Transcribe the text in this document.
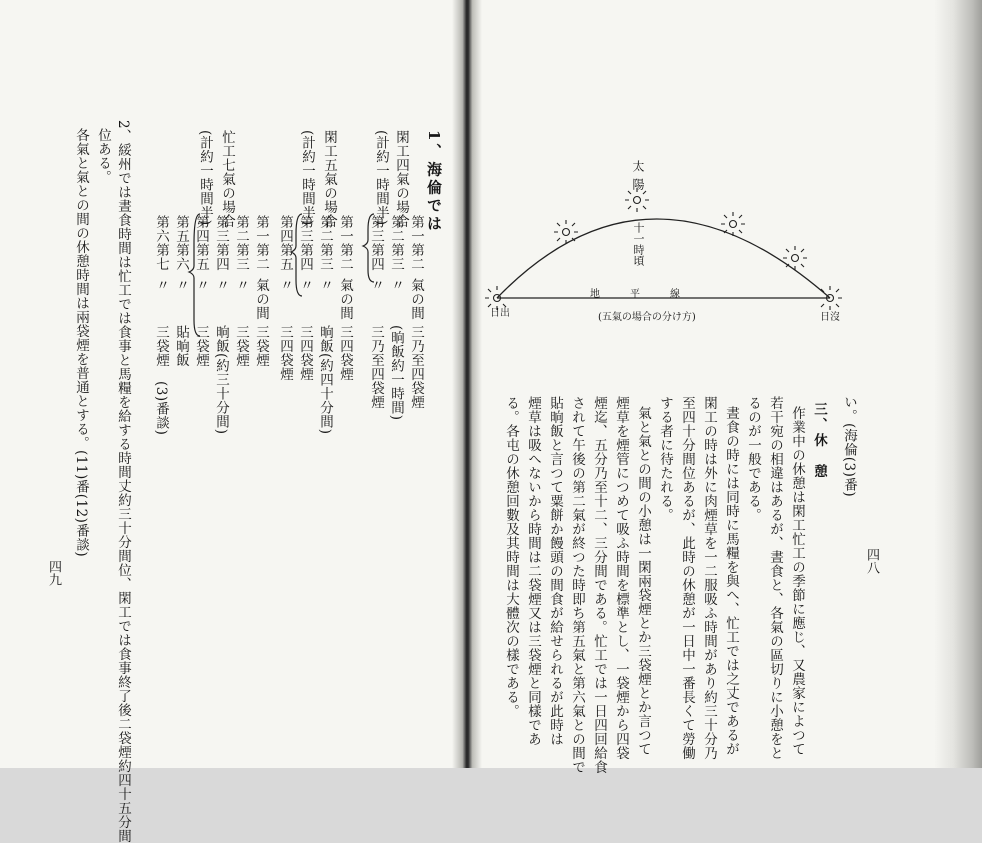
1、海倫では
閑工四氣の場合
(計約一時間半)
第一第二
第二第三
第三第四
氣の間
〃
〃
三乃至四袋煙
(晌飯約一時間)
三乃至四袋煙
閑工五氣の場合
(計約一時間半)
第一第二
第二第三
第三第四
第四第五
氣の間
〃
〃
〃
三四袋煙
晌飯(約四十分間)
三四袋煙
三四袋煙
忙工七氣の場合
(計約一時間半)
第一第二
第二第三
第三第四
第四第五
第五第六
第六第七
氣の間
〃
〃
〃
〃
〃
三袋煙
三袋煙
晌飯(約三十分間)
三袋煙
貼晌飯
三袋煙　(3)番談)
2、綏州では晝食時間は忙工では食事と馬糧を給する時間丈約三十分間位、閑工では食事終了後二袋煙約四十五分間
位ある。
各氣と氣との間の休憩時間は兩袋煙を普通とする。(11)番(12)番談)
四九
太陽
十一時頃
地平線
日出	日沒
(五氣の場合の分け方)
い。(海倫(3)番)
三、休　憩
作業中の休憩は閑工忙工の季節に應じ、又農家によつて
若干宛の相違はあるが、晝食と、各氣の區切りに小憩をと
るのが一般である。
晝食の時には同時に馬糧を與へ、忙工では之丈であるが
閑工の時は外に肉煙草を一二服吸ふ時間があり約三十分乃
至四十分間位あるが、此時の休憩が一日中一番長くて勞働
する者に待たれる。
氣と氣との間の小憩は一閑兩袋煙とか三袋煙とか言つて
煙草を煙管につめて吸ふ時間を標準とし、一袋煙から四袋
煙迄、五分乃至十二、三分間である。忙工では一日四回給食
されて午後の第二氣が終つた時即ち第五氣と第六氣との間で
貼晌飯と言つて粟餅か饅頭の間食が給せられるが此時は
煙草は吸へないから時間は二袋煙又は三袋煙と同樣であ
る。各屯の休憩回數及其時間は大體次の樣である。	四八
